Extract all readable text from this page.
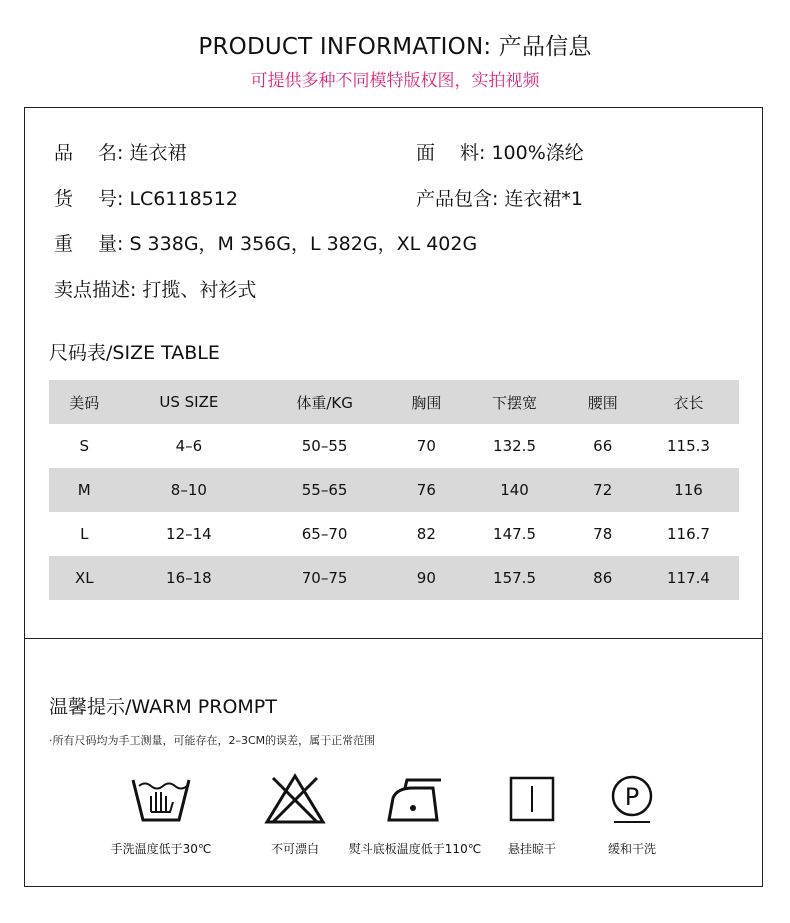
PRODUCT INFORMATION: 产品信息
可提供多种不同模特版权图，实拍视频
品　 名: 连衣裙	面　 料: 100%涤纶
货　 号: LC6118512	产品包含: 连衣裙*1
重　 量: S 338G，M 356G，L 382G，XL 402G
卖点描述: 打揽、衬衫式
尺码表/SIZE TABLE
美码	US SIZE	体重/KG	胸围	下摆宽	腰围	衣长
S	4–6	50–55	70	132.5	66	115.3
M	8–10	55–65	76	140	72	116
L	12–14	65–70	82	147.5	78	116.7
XL	16–18	70–75	90	157.5	86	117.4
温馨提示/WARM PROMPT
·所有尺码均为手工测量，可能存在，2–3CM的误差，属于正常范围
手洗温度低于30℃	不可漂白	熨斗底板温度低于110℃	悬挂晾干
P
缓和干洗
